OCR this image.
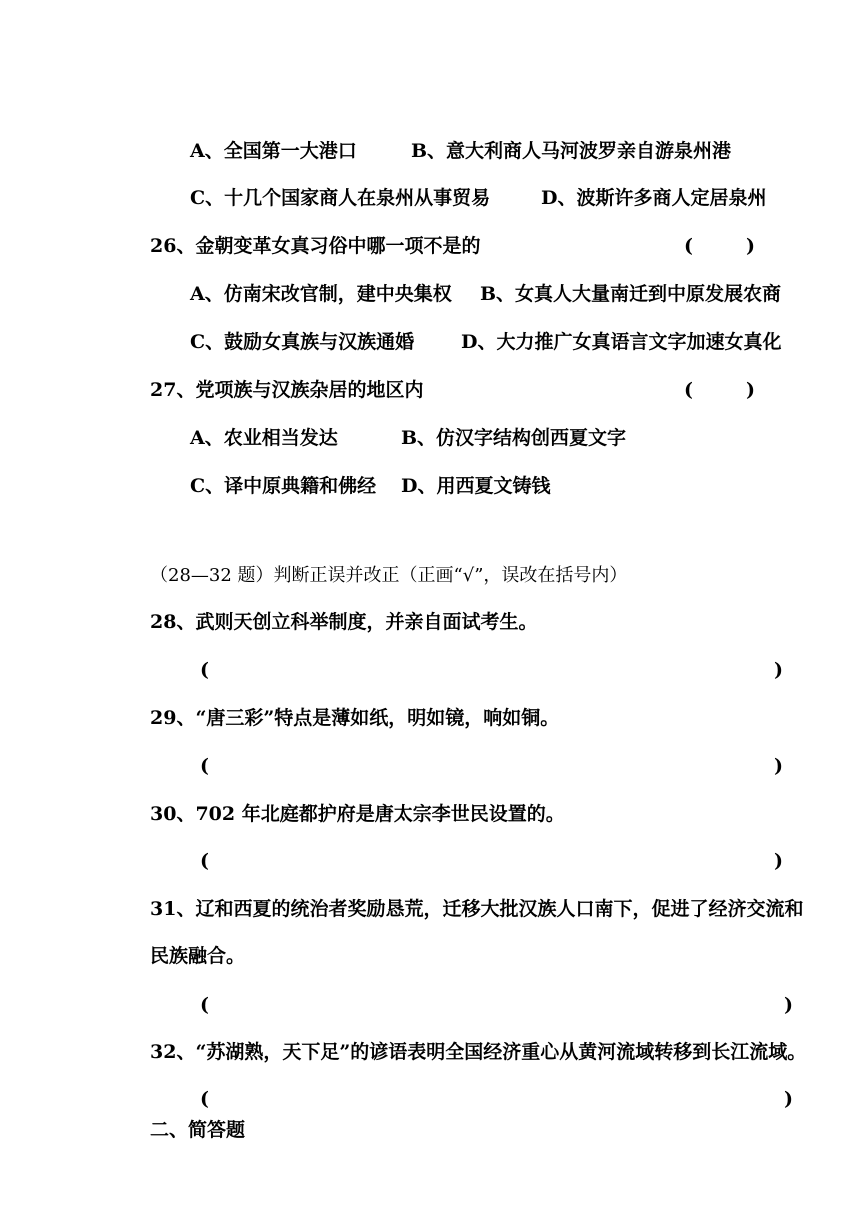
A、全国第一大港口	B、意大利商人马河波罗亲自游泉州港
C、十几个国家商人在泉州从事贸易	D、波斯许多商人定居泉州
26、金朝变革女真习俗中哪一项不是的	(	)
A、仿南宋改官制，建中央集权 B、女真人大量南迁到中原发展农商
C、鼓励女真族与汉族通婚 D、大力推广女真语言文字加速女真化
27、党项族与汉族杂居的地区内	(	)
A、农业相当发达	B、仿汉字结构创西夏文字
C、译中原典籍和佛经 D、用西夏文铸钱
（28—32 题）判断正误并改正（正画“√”，误改在括号内）
28、武则天创立科举制度，并亲自面试考生。
(	)
29、“唐三彩”特点是薄如纸，明如镜，响如铜。
(	)
30、702 年北庭都护府是唐太宗李世民设置的。
(	)
31、辽和西夏的统治者奖励恳荒，迁移大批汉族人口南下，促进了经济交流和
民族融合。
(	)
32、“苏湖熟，天下足”的谚语表明全国经济重心从黄河流域转移到长江流域。
(	)
二、简答题
